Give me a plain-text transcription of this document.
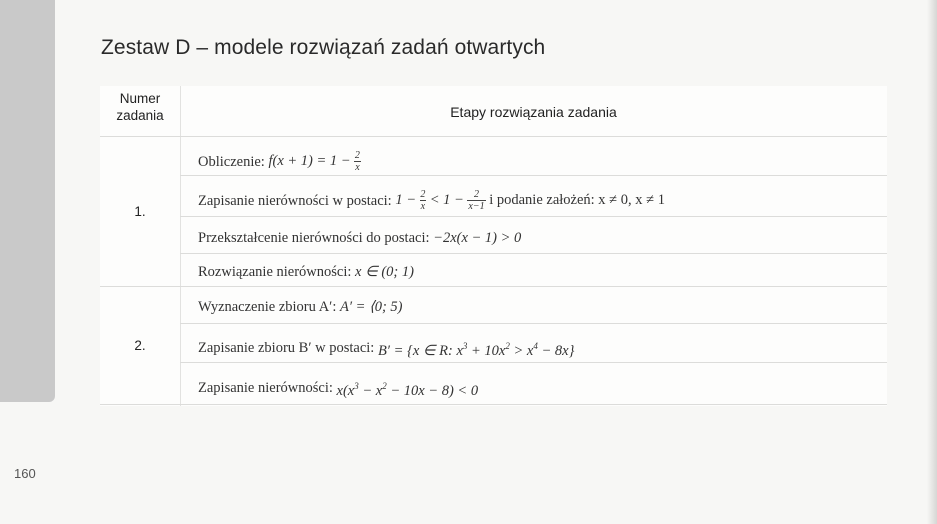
Zestaw D – modele rozwiązań zadań otwartych
Numer
zadania	Etapy rozwiązania zadania
1.
Obliczenie: $f(x + 1) = 1 - \frac{2}{x}$
Zapisanie nierówności w postaci: $1 - \frac{2}{x} < 1 - \frac{2}{x-1}$ i podanie założeń: x ≠ 0, x ≠ 1
Przekształcenie nierówności do postaci: −2x(x − 1) > 0
Rozwiązanie nierówności: x ∈ (0; 1)
2.
Wyznaczenie zbioru A′: A′ = ⟨0; 5)
Zapisanie zbioru B′ w postaci: B′ = {x ∈ R: $x^3 + 10x^2 > x^4 - 8x$}
Zapisanie nierówności: $x(x^3 - x^2 - 10x - 8) < 0$
160
